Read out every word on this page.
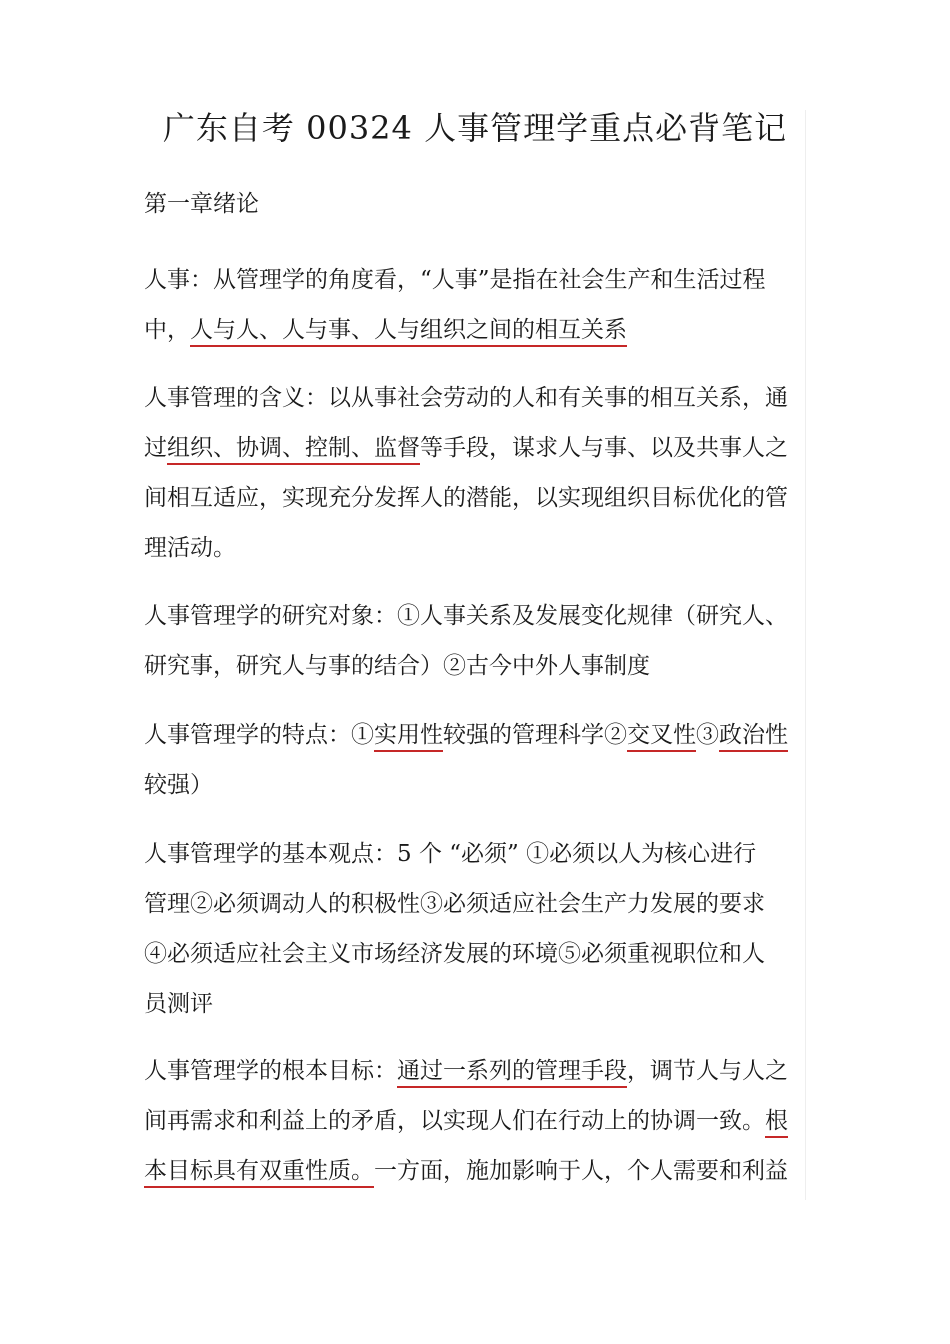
广东自考 00324 人事管理学重点必背笔记

第一章绪论

人事：从管理学的角度看，“人事”是指在社会生产和生活过程
中，人与人、人与事、人与组织之间的相互关系

人事管理的含义：以从事社会劳动的人和有关事的相互关系，通
过组织、协调、控制、监督等手段，谋求人与事、以及共事人之
间相互适应，实现充分发挥人的潜能，以实现组织目标优化的管
理活动。

人事管理学的研究对象：①人事关系及发展变化规律（研究人、
研究事，研究人与事的结合）②古今中外人事制度

人事管理学的特点：①实用性较强的管理科学②交叉性③政治性
较强）

人事管理学的基本观点：5 个 “必须” ①必须以人为核心进行
管理②必须调动人的积极性③必须适应社会生产力发展的要求
④必须适应社会主义市场经济发展的环境⑤必须重视职位和人
员测评

人事管理学的根本目标：通过一系列的管理手段，调节人与人之
间再需求和利益上的矛盾，以实现人们在行动上的协调一致。根
本目标具有双重性质。一方面，施加影响于人，个人需要和利益
